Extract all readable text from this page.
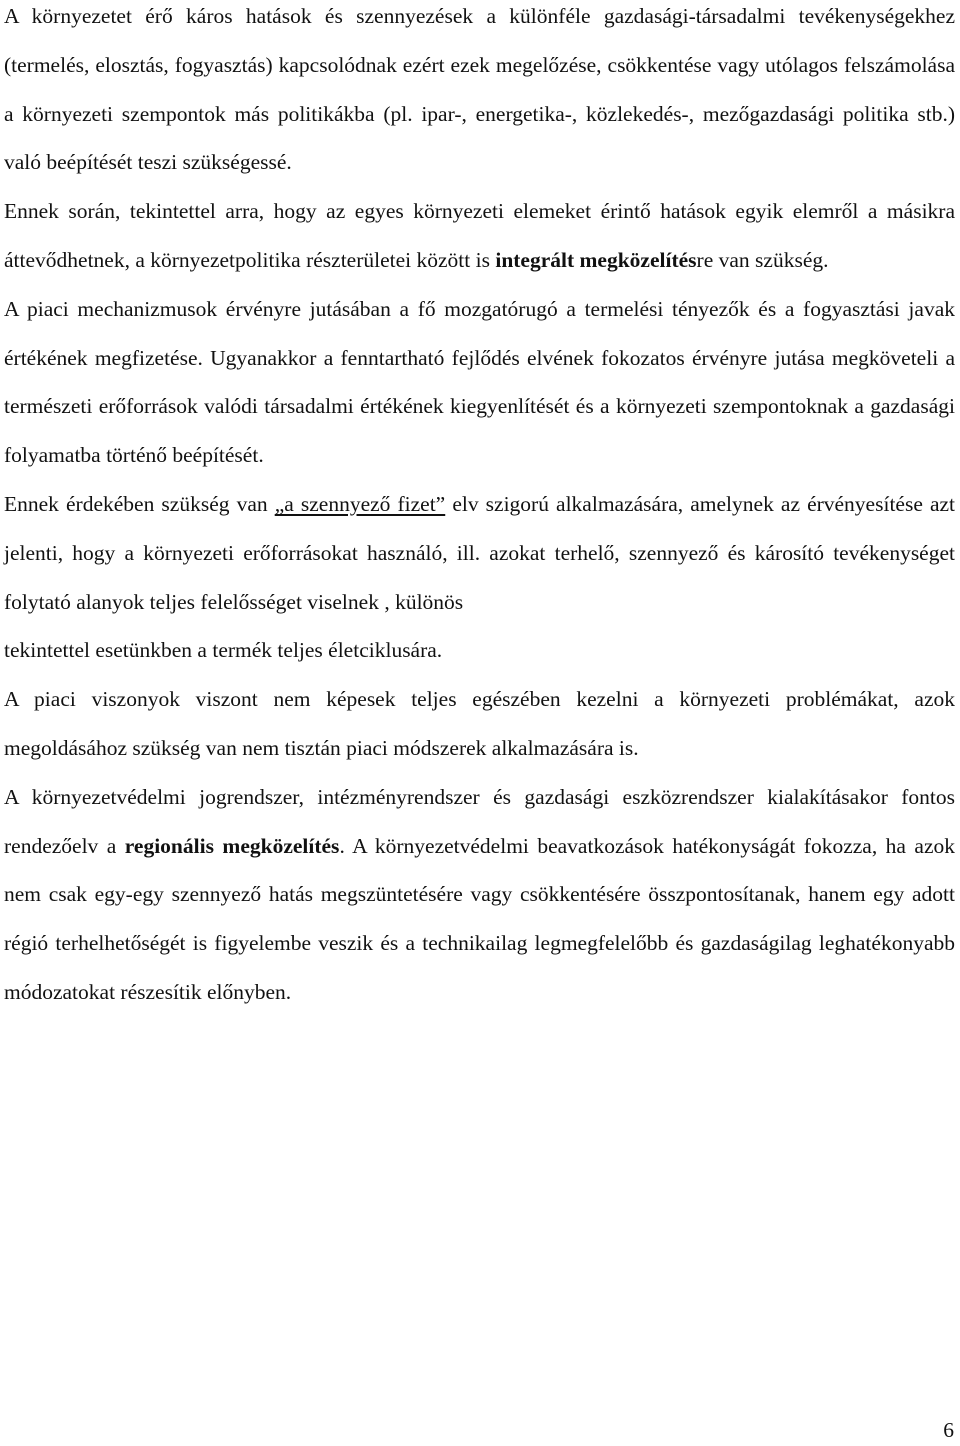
A környezetet érő káros hatások és szennyezések a különféle gazdasági-társadalmi tevékenységekhez (termelés, elosztás, fogyasztás) kapcsolódnak ezért ezek megelőzése, csökkentése vagy utólagos felszámolása a környezeti szempontok más politikákba (pl. ipar-, energetika-, közlekedés-, mezőgazdasági politika stb.) való beépítését teszi szükségessé.

Ennek során, tekintettel arra, hogy az egyes környezeti elemeket érintő hatások egyik elemről a másikra áttevődhetnek, a környezetpolitika részterületei között is integrált megközelítésre van szükség.

A piaci mechanizmusok érvényre jutásában a fő mozgatórugó a termelési tényezők és a fogyasztási javak értékének megfizetése. Ugyanakkor a fenntartható fejlődés elvének fokozatos érvényre jutása megköveteli a természeti erőforrások valódi társadalmi értékének kiegyenlítését és a környezeti szempontoknak a gazdasági folyamatba történő beépítését.

Ennek érdekében szükség van „a szennyező fizet” elv szigorú alkalmazására, amelynek az érvényesítése azt jelenti, hogy a környezeti erőforrásokat használó, ill. azokat terhelő, szennyező és károsító tevékenységet folytató alanyok teljes felelősséget viselnek , különös

tekintettel esetünkben a termék teljes életciklusára.

A piaci viszonyok viszont nem képesek teljes egészében kezelni a környezeti problémákat, azok megoldásához szükség van nem tisztán piaci módszerek alkalmazására is.

A környezetvédelmi jogrendszer, intézményrendszer és gazdasági eszközrendszer kialakításakor fontos rendezőelv a regionális megközelítés. A környezetvédelmi beavatkozások hatékonyságát fokozza, ha azok nem csak egy-egy szennyező hatás megszüntetésére vagy csökkentésére összpontosítanak, hanem egy adott régió terhelhetőségét is figyelembe veszik és a technikailag legmegfelelőbb és gazdaságilag leghatékonyabb módozatokat részesítik előnyben.

6
